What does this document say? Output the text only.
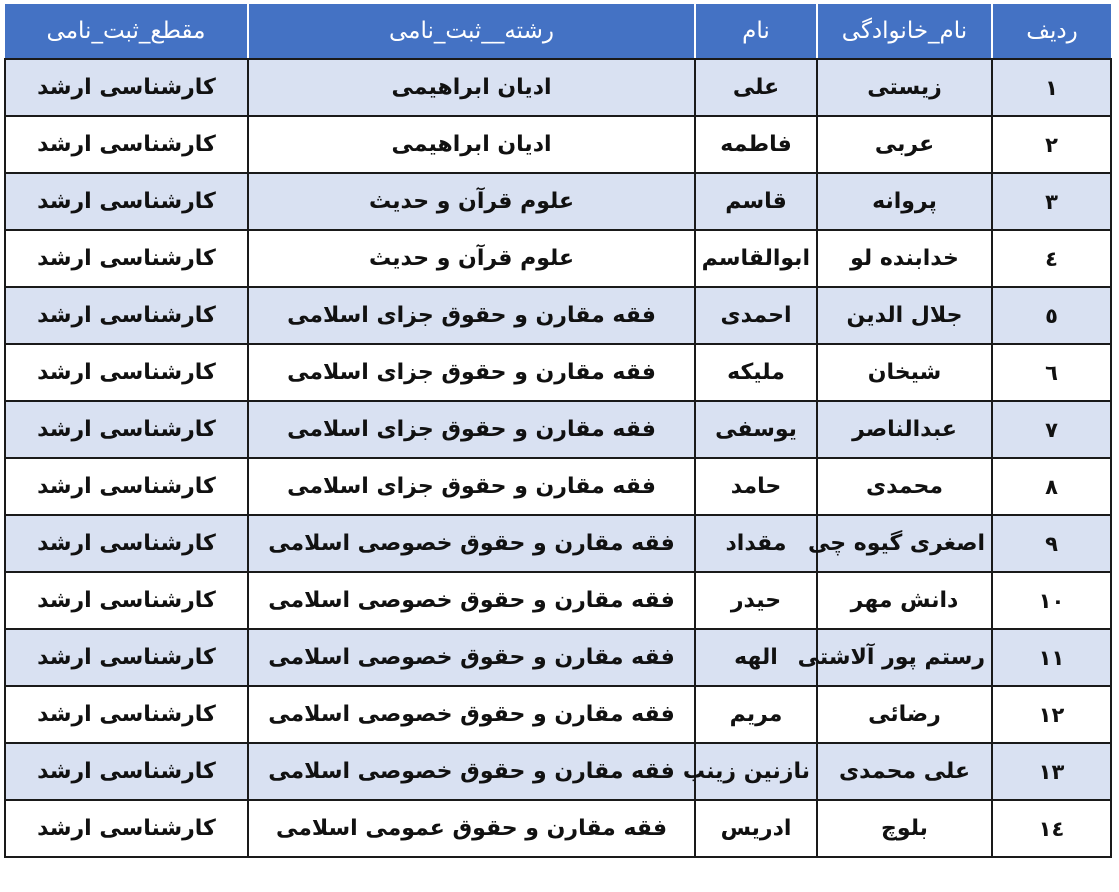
ردیف	نام_خانوادگی	نام	رشته__ثبت_نامی	مقطع_ثبت_نامی
۱	زیستی	علی	ادیان ابراهیمی	کارشناسی ارشد
۲	عربی	فاطمه	ادیان ابراهیمی	کارشناسی ارشد
۳	پروانه	قاسم	علوم قرآن و حدیث	کارشناسی ارشد
٤	خدابنده لو	ابوالقاسم	علوم قرآن و حدیث	کارشناسی ارشد
٥	جلال الدین	احمدی	فقه مقارن و حقوق جزای اسلامی	کارشناسی ارشد
٦	شیخان	ملیکه	فقه مقارن و حقوق جزای اسلامی	کارشناسی ارشد
۷	عبدالناصر	یوسفی	فقه مقارن و حقوق جزای اسلامی	کارشناسی ارشد
۸	محمدی	حامد	فقه مقارن و حقوق جزای اسلامی	کارشناسی ارشد
۹	اصغری گیوه چی	مقداد	فقه مقارن و حقوق خصوصی اسلامی	کارشناسی ارشد
۱۰	دانش مهر	حیدر	فقه مقارن و حقوق خصوصی اسلامی	کارشناسی ارشد
۱۱	رستم پور آلاشتی	الهه	فقه مقارن و حقوق خصوصی اسلامی	کارشناسی ارشد
۱۲	رضائی	مریم	فقه مقارن و حقوق خصوصی اسلامی	کارشناسی ارشد
۱۳	علی محمدی	نازنین زینب	فقه مقارن و حقوق خصوصی اسلامی	کارشناسی ارشد
۱٤	بلوچ	ادریس	فقه مقارن و حقوق عمومی اسلامی	کارشناسی ارشد
